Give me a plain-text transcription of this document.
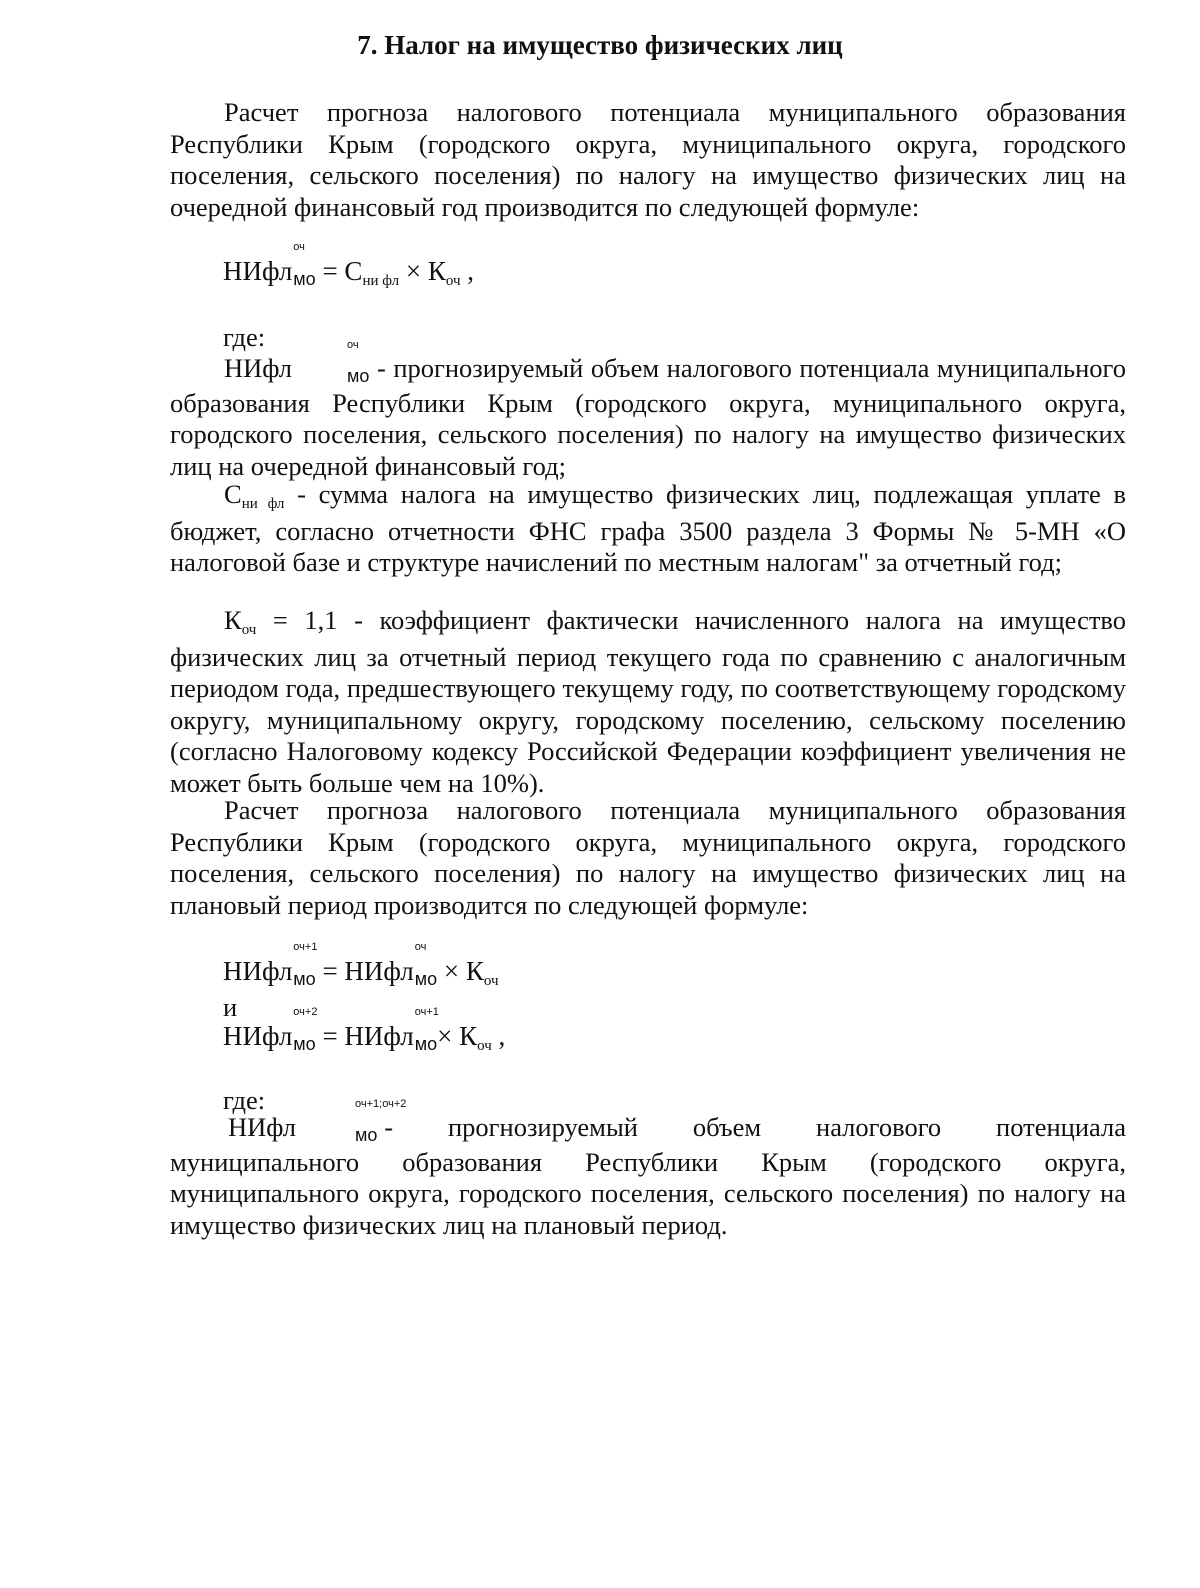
7. Налог на имущество физических лиц

Расчет прогноза налогового потенциала муниципального образования Республики Крым (городского округа, муниципального округа, городского поселения, сельского поселения) по налогу на имущество физических лиц на очередной финансовый год производится по следующей формуле:

НИфл
оч
мо = Сни фл × Коч ,
где:

НИфл
оч
мо - прогнозируемый объем налогового потенциала муниципального образования Республики Крым (городского округа, муниципального округа, городского поселения, сельского поселения) по налогу на имущество физических лиц на очередной финансовый год;

Сни фл - сумма налога на имущество физических лиц, подлежащая уплате в бюджет, согласно отчетности ФНС графа 3500 раздела 3 Формы № 5-МН «О налоговой базе и структуре начислений по местным налогам" за отчетный год;

Коч = 1,1 - коэффициент фактически начисленного налога на имущество физических лиц за отчетный период текущего года по сравнению с аналогичным периодом года, предшествующего текущему году, по соответствующему городскому округу, муниципальному округу, городскому поселению, сельскому поселению (согласно Налоговому кодексу Российской Федерации коэффициент увеличения не может быть больше чем на 10%).

Расчет прогноза налогового потенциала муниципального образования Республики Крым (городского округа, муниципального округа, городского поселения, сельского поселения) по налогу на имущество физических лиц на плановый период производится по следующей формуле:

НИфл
оч+1
мо = НИфл
оч
мо × Коч
и
НИфл
оч+2
мо = НИфл
оч+1
мо× Коч ,
где:

НИфл
оч+1;оч+2
мо -        прогнозируемый        объем        налогового        потенциала муниципального образования Республики Крым (городского округа, муниципального округа, городского поселения, сельского поселения) по налогу на имущество физических лиц на плановый период.
